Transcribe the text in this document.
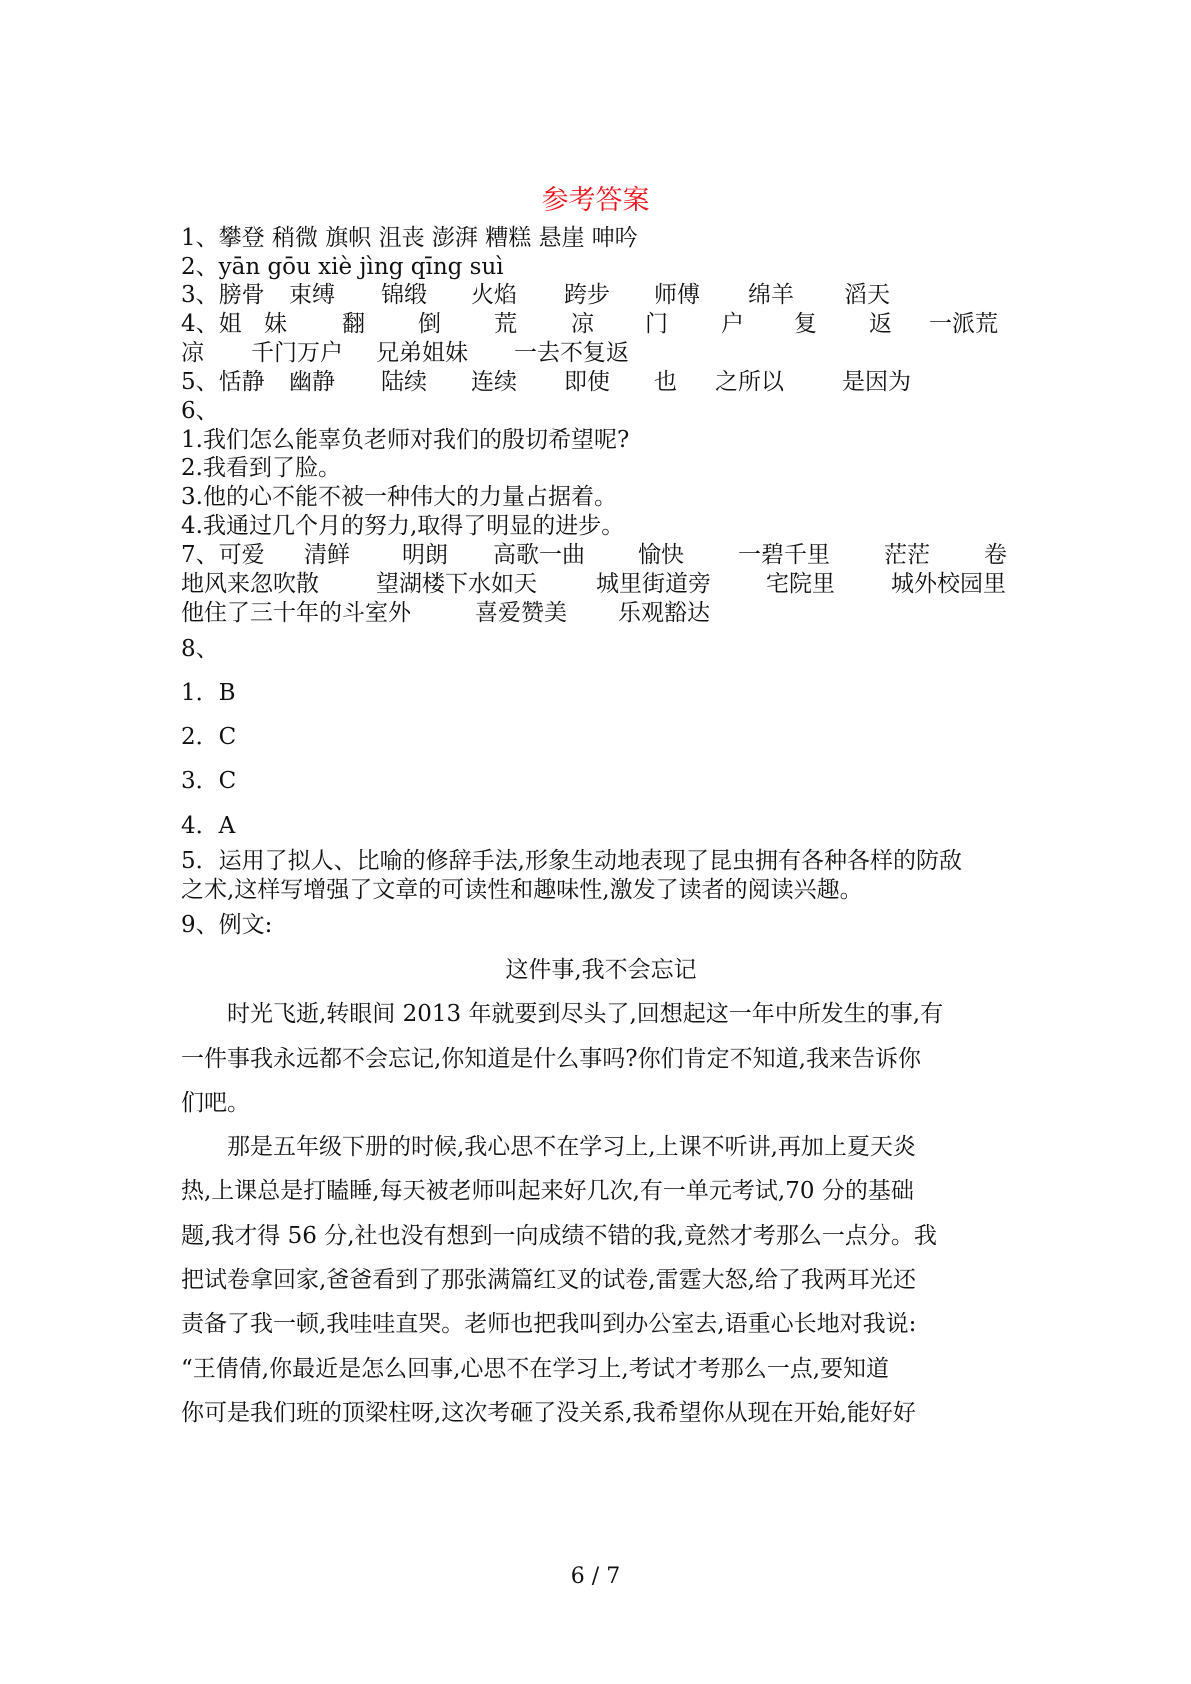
参考答案
1、攀登 稍微 旗帜 沮丧 澎湃 糟糕 悬崖 呻吟
2、yān gōu xiè jìng qīng suì
3、膀骨	束缚	锦缎	火焰	跨步	师傅	绵羊	滔天
4、姐 妹	翻	倒	荒	凉	门	户	复	返	一派荒
凉	千门万户	兄弟姐妹	一去不复返
5、恬静	幽静	陆续	连续	即使	也	之所以	是因为
6、
1.我们怎么能辜负老师对我们的殷切希望呢?
2.我看到了脸。
3.他的心不能不被一种伟大的力量占据着。
4.我通过几个月的努力,取得了明显的进步。
7、可爱	清鲜	明朗	高歌一曲	愉快	一碧千里	茫茫	卷
地风来忽吹散	望湖楼下水如天	城里街道旁	宅院里	城外校园里
他住了三十年的斗室外	喜爱赞美	乐观豁达
8、
1．B
2．C
3．C
4．A
5．运用了拟人、比喻的修辞手法,形象生动地表现了昆虫拥有各种各样的防敌
之术,这样写增强了文章的可读性和趣味性,激发了读者的阅读兴趣。
9、例文:
这件事,我不会忘记
时光飞逝,转眼间 2013 年就要到尽头了,回想起这一年中所发生的事,有
一件事我永远都不会忘记,你知道是什么事吗?你们肯定不知道,我来告诉你
们吧。
那是五年级下册的时候,我心思不在学习上,上课不听讲,再加上夏天炎
热,上课总是打瞌睡,每天被老师叫起来好几次,有一单元考试,70 分的基础
题,我才得 56 分,社也没有想到一向成绩不错的我,竟然才考那么一点分。我
把试卷拿回家,爸爸看到了那张满篇红叉的试卷,雷霆大怒,给了我两耳光还
责备了我一顿,我哇哇直哭。老师也把我叫到办公室去,语重心长地对我说:
“王倩倩,你最近是怎么回事,心思不在学习上,考试才考那么一点,要知道
你可是我们班的顶梁柱呀,这次考砸了没关系,我希望你从现在开始,能好好
6 / 7
